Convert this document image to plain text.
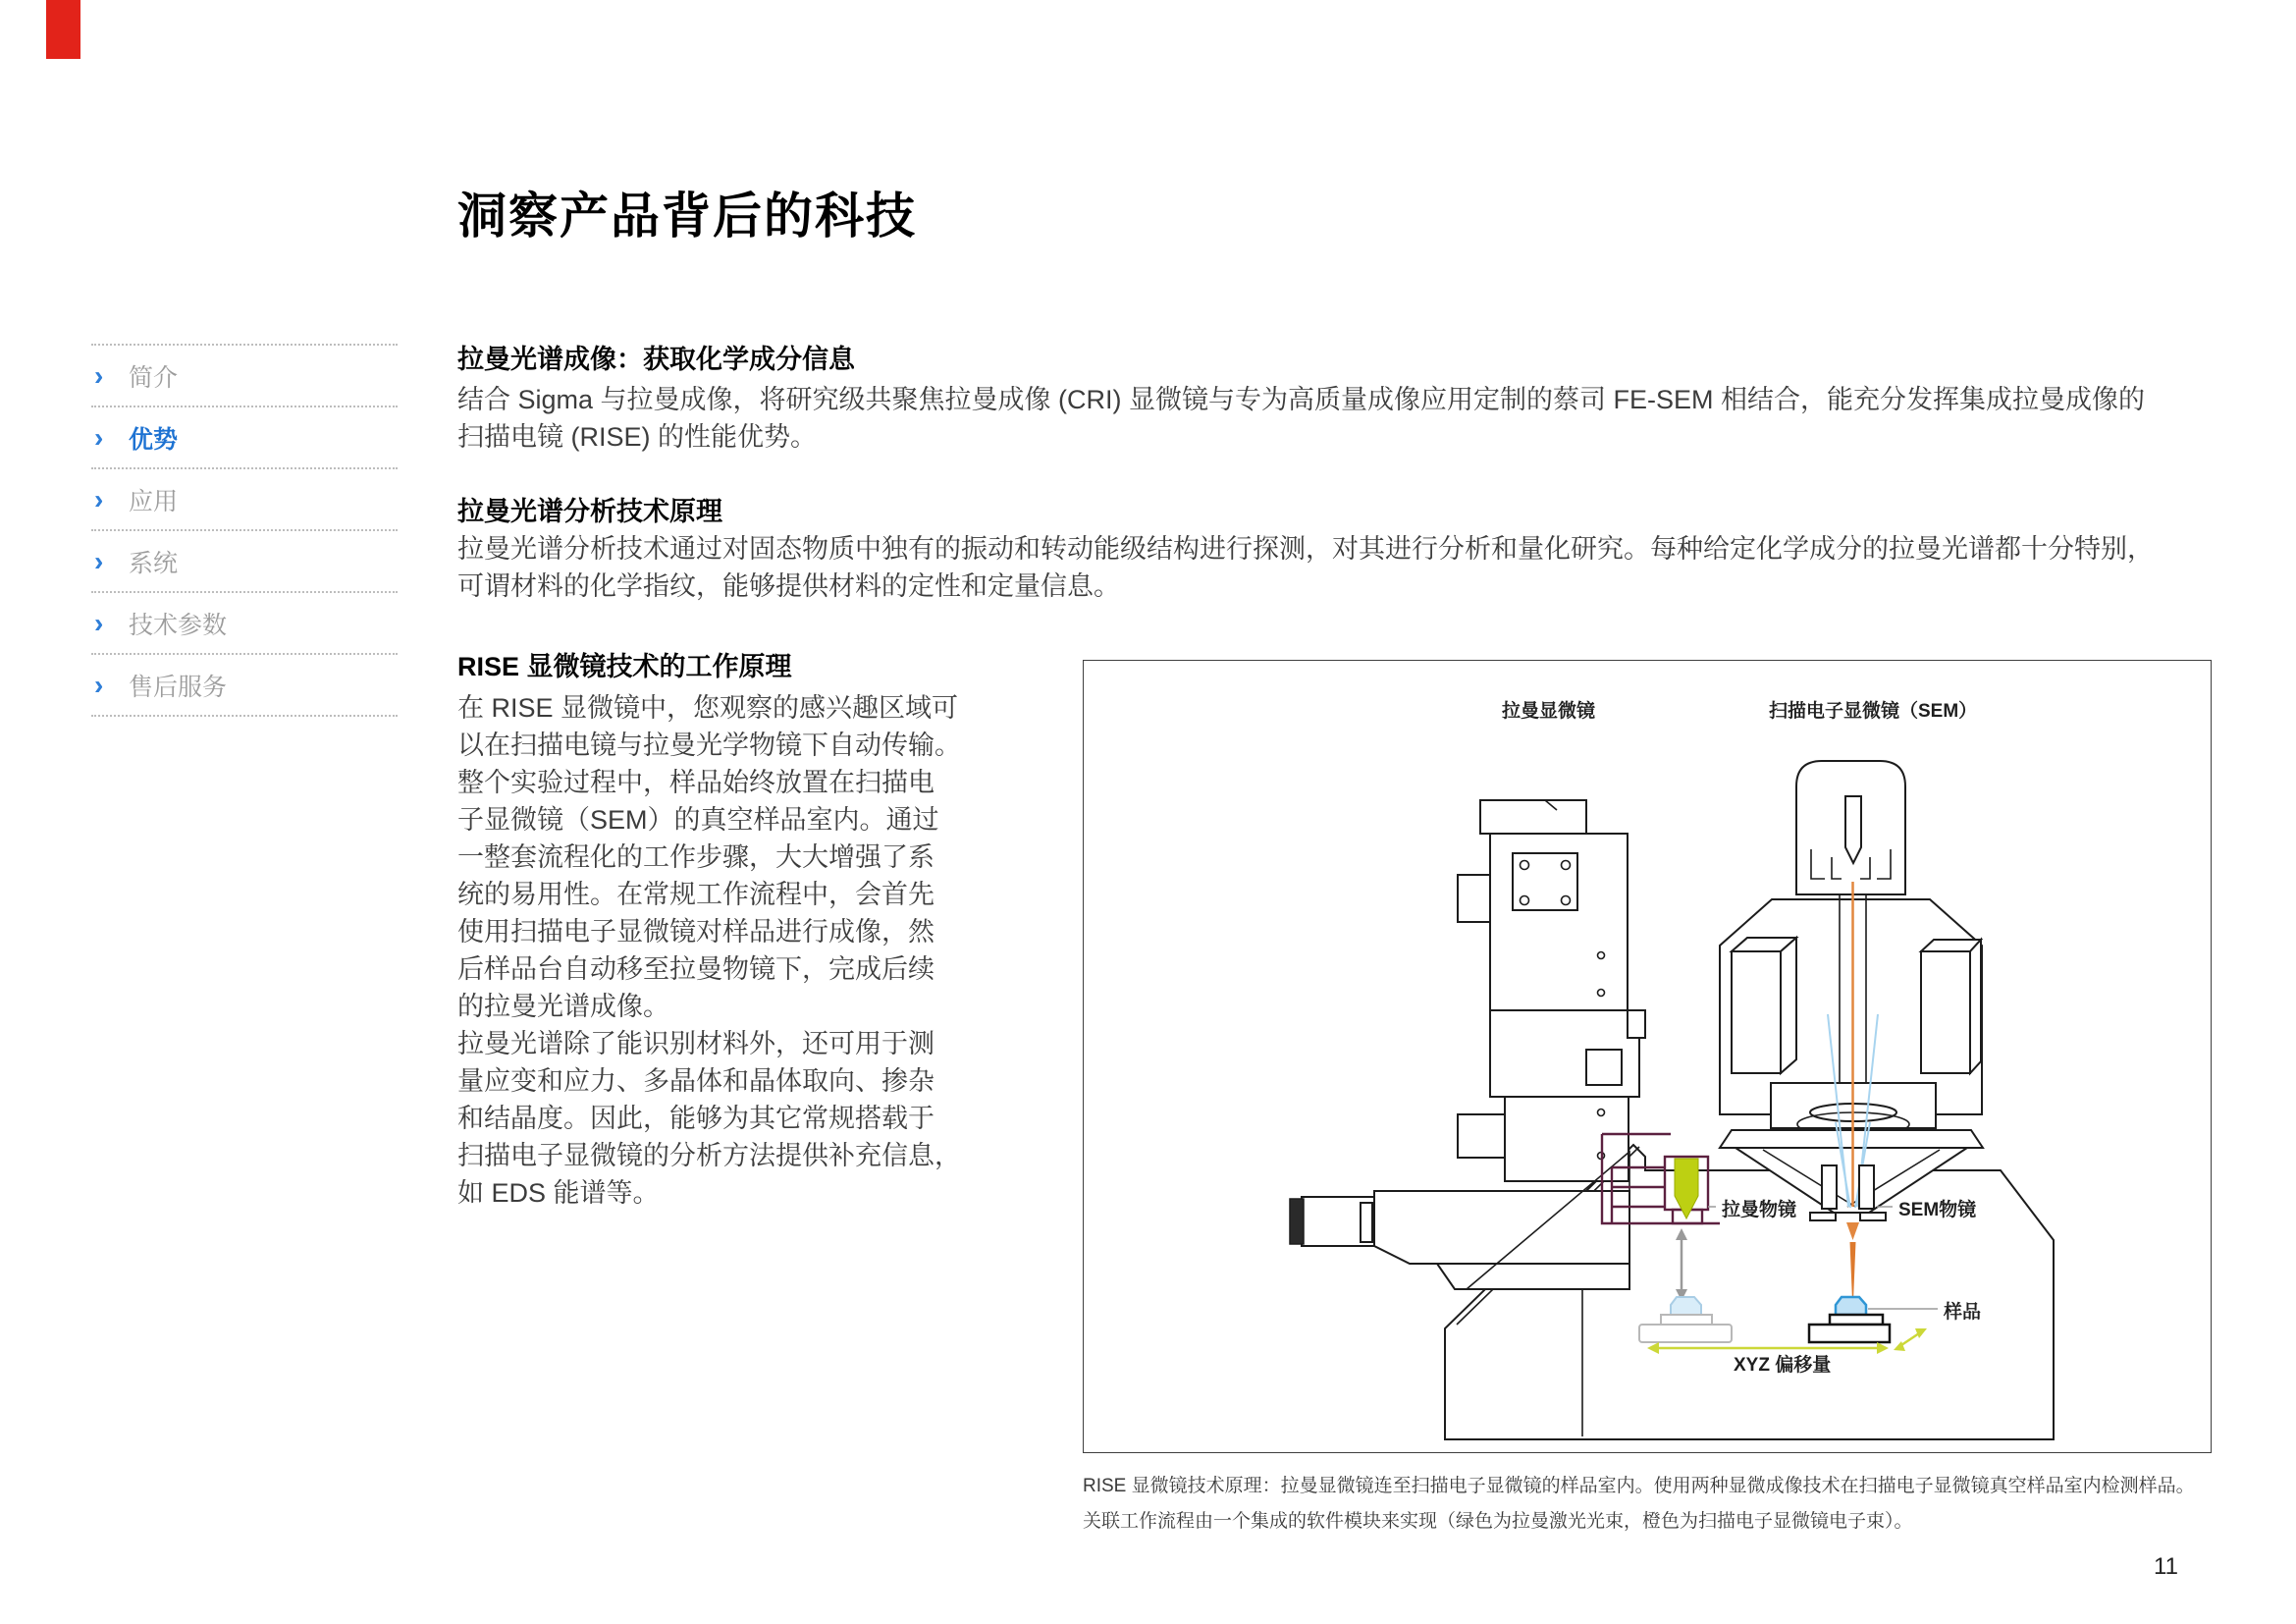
洞察产品背后的科技
›	简介
›	优势
›	应用
›	系统
›	技术参数
›	售后服务
拉曼光谱成像：获取化学成分信息
结合 Sigma 与拉曼成像，将研究级共聚焦拉曼成像 (CRI) 显微镜与专为高质量成像应用定制的蔡司 FE-SEM 相结合，能充分发挥集成拉曼成像的
扫描电镜 (RISE) 的性能优势。
拉曼光谱分析技术原理
拉曼光谱分析技术通过对固态物质中独有的振动和转动能级结构进行探测，对其进行分析和量化研究。每种给定化学成分的拉曼光谱都十分特别，
可谓材料的化学指纹，能够提供材料的定性和定量信息。
RISE 显微镜技术的工作原理
在 RISE 显微镜中，您观察的感兴趣区域可
以在扫描电镜与拉曼光学物镜下自动传输。
整个实验过程中，样品始终放置在扫描电
子显微镜（SEM）的真空样品室内。通过
一整套流程化的工作步骤，大大增强了系
统的易用性。在常规工作流程中，会首先
使用扫描电子显微镜对样品进行成像，然
后样品台自动移至拉曼物镜下，完成后续
的拉曼光谱成像。
拉曼光谱除了能识别材料外，还可用于测
量应变和应力、多晶体和晶体取向、掺杂
和结晶度。因此，能够为其它常规搭载于
扫描电子显微镜的分析方法提供补充信息，
如 EDS 能谱等。
拉曼显微镜	扫描电子显微镜（SEM）
拉曼物镜	SEM物镜
样品
XYZ 偏移量
RISE 显微镜技术原理：拉曼显微镜连至扫描电子显微镜的样品室内。使用两种显微成像技术在扫描电子显微镜真空样品室内检测样品。
关联工作流程由一个集成的软件模块来实现（绿色为拉曼激光光束，橙色为扫描电子显微镜电子束）。
11
